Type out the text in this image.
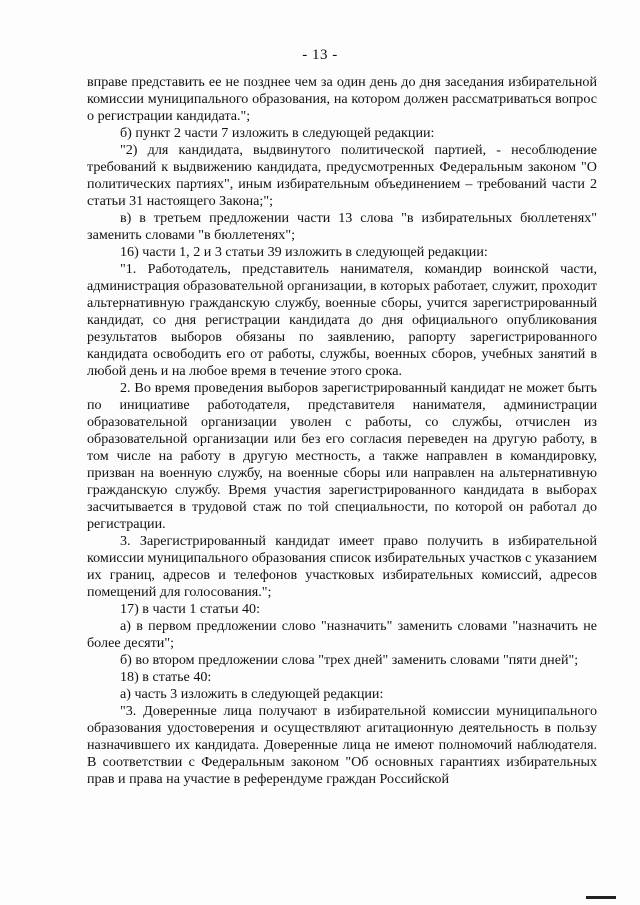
- 13 -

вправе представить ее не позднее чем за один день до дня заседания избирательной комиссии муниципального образования, на котором должен рассматриваться вопрос о регистрации кандидата.";

б) пункт 2 части 7 изложить в следующей редакции:

"2) для кандидата, выдвинутого политической партией, - несоблюдение требований к выдвижению кандидата, предусмотренных Федеральным законом "О политических партиях", иным избирательным объединением – требований части 2 статьи 31 настоящего Закона;";

в) в третьем предложении части 13 слова "в избирательных бюллетенях" заменить словами "в бюллетенях";

16) части 1, 2 и 3 статьи 39 изложить в следующей редакции:

"1. Работодатель, представитель нанимателя, командир воинской части, администрация образовательной организации, в которых работает, служит, проходит альтернативную гражданскую службу, военные сборы, учится зарегистрированный кандидат, со дня регистрации кандидата до дня официального опубликования результатов выборов обязаны по заявлению, рапорту зарегистрированного кандидата освободить его от работы, службы, военных сборов, учебных занятий в любой день и на любое время в течение этого срока.

2. Во время проведения выборов зарегистрированный кандидат не может быть по инициативе работодателя, представителя нанимателя, администрации образовательной организации уволен с работы, со службы, отчислен из образовательной организации или без его согласия переведен на другую работу, в том числе на работу в другую местность, а также направлен в командировку, призван на военную службу, на военные сборы или направлен на альтернативную гражданскую службу. Время участия зарегистрированного кандидата в выборах засчитывается в трудовой стаж по той специальности, по которой он работал до регистрации.

3. Зарегистрированный кандидат имеет право получить в избирательной комиссии муниципального образования список избирательных участков с указанием их границ, адресов и телефонов участковых избирательных комиссий, адресов помещений для голосования.";

17) в части 1 статьи 40:

а) в первом предложении слово "назначить" заменить словами "назначить не более десяти";

б) во втором предложении слова "трех дней" заменить словами "пяти дней";

18) в статье 40:

а) часть 3 изложить в следующей редакции:

"3. Доверенные лица получают в избирательной комиссии муниципального образования удостоверения и осуществляют агитационную деятельность в пользу назначившего их кандидата. Доверенные лица не имеют полномочий наблюдателя. В соответствии с Федеральным законом "Об основных гарантиях избирательных прав и права на участие в референдуме граждан Российской
